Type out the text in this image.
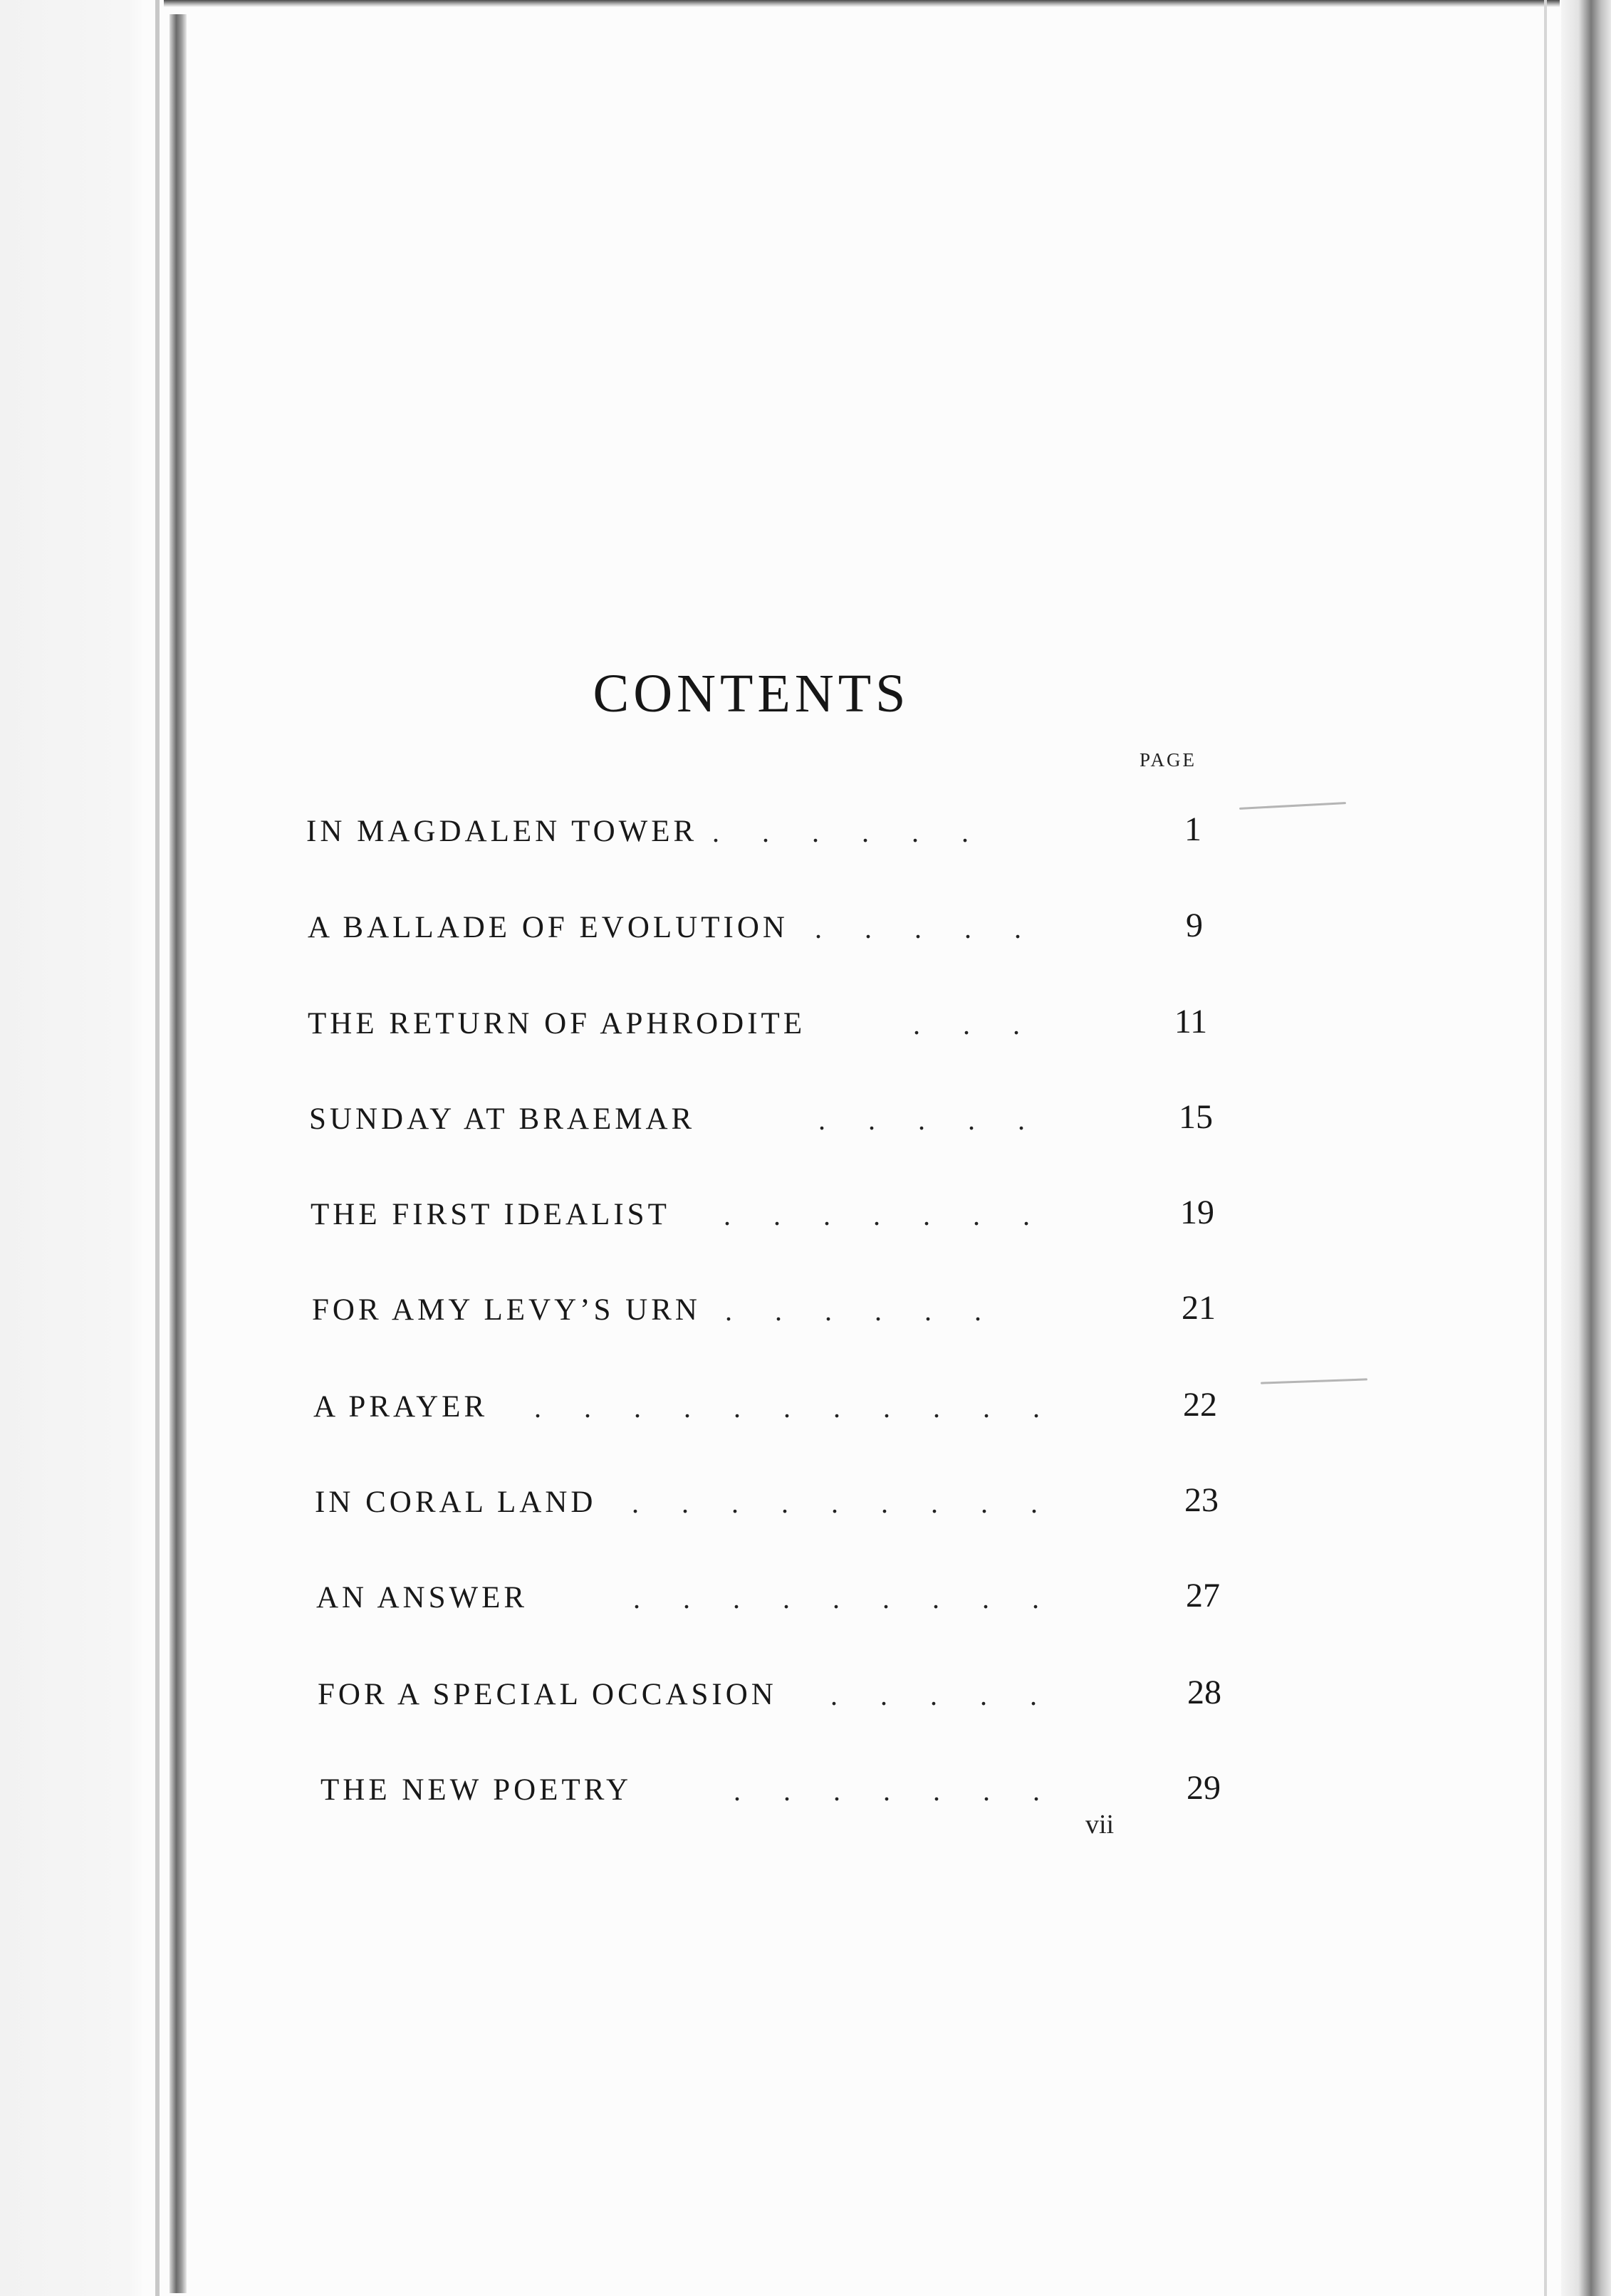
CONTENTS
PAGE
IN MAGDALEN TOWER .      .      .      .      .      .	1
A BALLADE OF EVOLUTION .      .      .      .      .	9
THE RETURN OF APHRODITE	.      .      .	11
SUNDAY AT BRAEMAR	.      .      .      .      .	15
THE FIRST IDEALIST .      .      .      .      .      .      .	19
FOR AMY LEVY’S URN .      .      .      .      .      .	21
A PRAYER .      .      .      .      .      .      .      .      .      .      .	22
IN CORAL LAND .      .      .      .      .      .      .      .      .	23
AN ANSWER	.      .      .      .      .      .      .      .      .	27
FOR A SPECIAL OCCASION .      .      .      .      .	28
THE NEW POETRY	.      .      .      .      .      .      .	29
vii
